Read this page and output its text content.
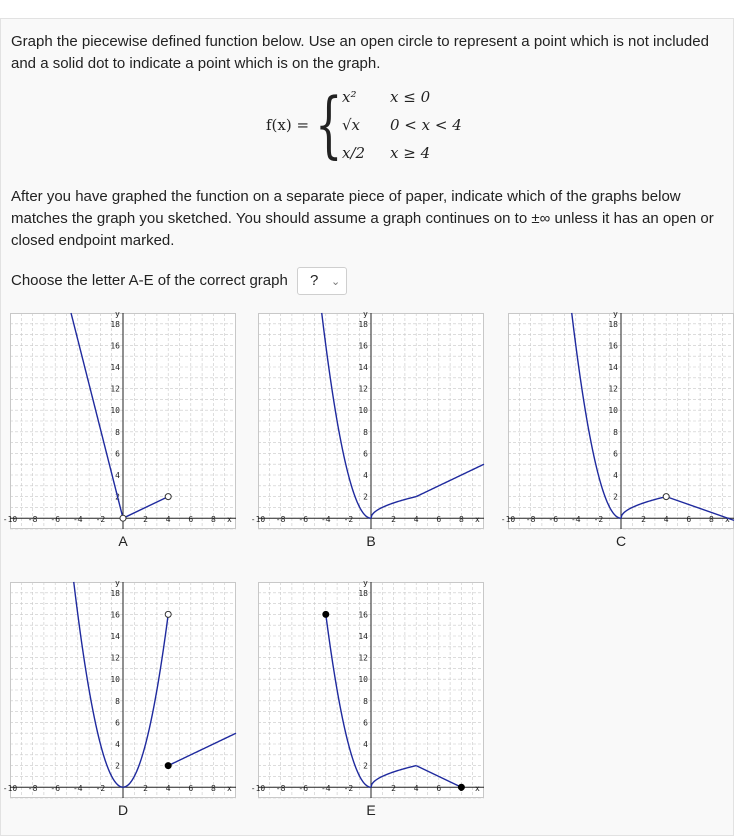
Graph the piecewise defined function below. Use an open circle to represent a point which is not included and a solid dot to indicate a point which is on the graph.

f(x) = { x² x ≤ 0
√x 0 < x < 4
x/2 x ≥ 4

After you have graphed the function on a separate piece of paper, indicate which of the graphs below matches the graph you sketched. You should assume a graph continues on to ±∞ unless it has an open or closed endpoint marked.

Choose the letter A-E of the correct graph ? ⌄
-10 -8 -6 -4 -2	2 4 6 8
2
4
6
8
10
12
14
16
18
x
y
A
-10 -8 -6 -4 -2	2 4 6 8
2
4
6
8
10
12
14
16
18
x
y
B
-10 -8 -6 -4 -2	2 4 6 8
2
4
6
8
10
12
14
16
18
x
y
C
-10 -8 -6 -4 -2	2 4 6 8
2
4
6
8
10
12
14
16
18
x
y
D
-10 -8 -6 -4 -2	2 4 6
2
4
6
8
10
12
14
16
18
x
y
E
